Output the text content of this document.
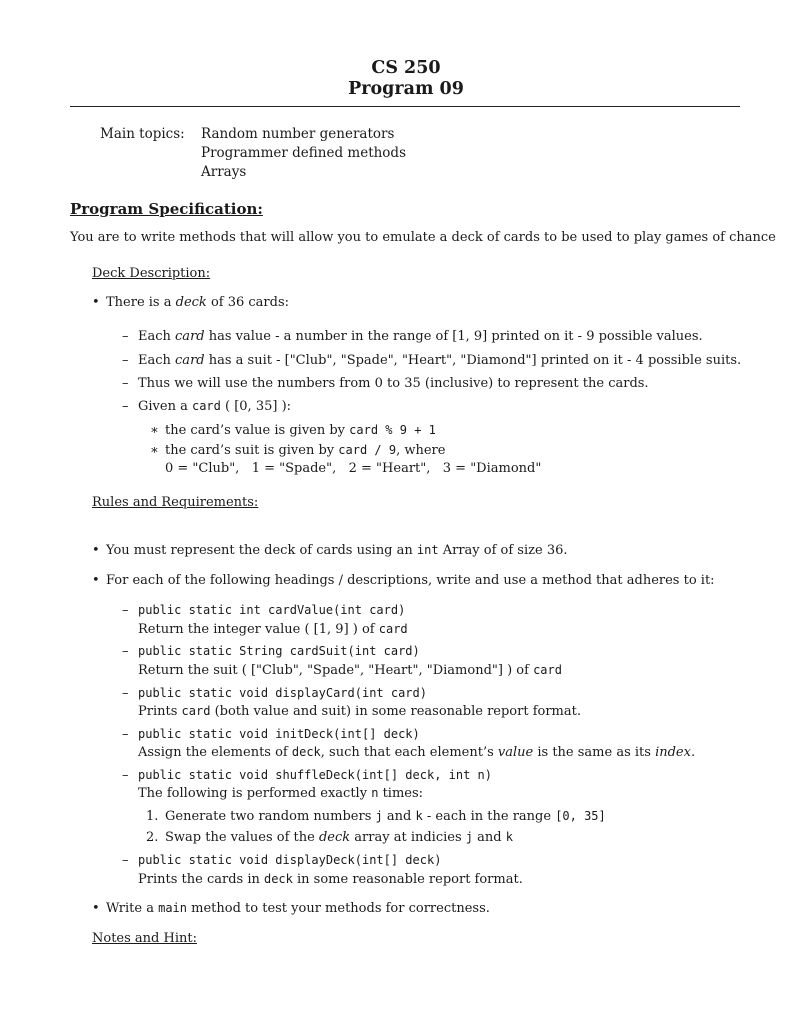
CS 250
Program 09
Main topics: Random number generators
Programmer defined methods
Arrays
Program Specification:
You are to write methods that will allow you to emulate a deck of cards to be used to play games of chance
Deck Description:
• There is a deck of 36 cards:
– Each card has value - a number in the range of [1, 9] printed on it - 9 possible values.
– Each card has a suit - ["Club", "Spade", "Heart", "Diamond"] printed on it - 4 possible suits.
– Thus we will use the numbers from 0 to 35 (inclusive) to represent the cards.
– Given a card ( [0, 35] ):
∗ the card’s value is given by card % 9 + 1
∗ the card’s suit is given by card / 9, where
0 = "Club",   1 = "Spade",   2 = "Heart",   3 = "Diamond"
Rules and Requirements:
• You must represent the deck of cards using an int Array of of size 36.
• For each of the following headings / descriptions, write and use a method that adheres to it:
– public static int cardValue(int card)
Return the integer value ( [1, 9] ) of card
– public static String cardSuit(int card)
Return the suit ( ["Club", "Spade", "Heart", "Diamond"] ) of card
– public static void displayCard(int card)
Prints card (both value and suit) in some reasonable report format.
– public static void initDeck(int[] deck)
Assign the elements of deck, such that each element’s value is the same as its index.
– public static void shuffleDeck(int[] deck, int n)
The following is performed exactly n times:
1. Generate two random numbers j and k - each in the range [0, 35]
2. Swap the values of the deck array at indicies j and k
– public static void displayDeck(int[] deck)
Prints the cards in deck in some reasonable report format.
• Write a main method to test your methods for correctness.
Notes and Hint:
